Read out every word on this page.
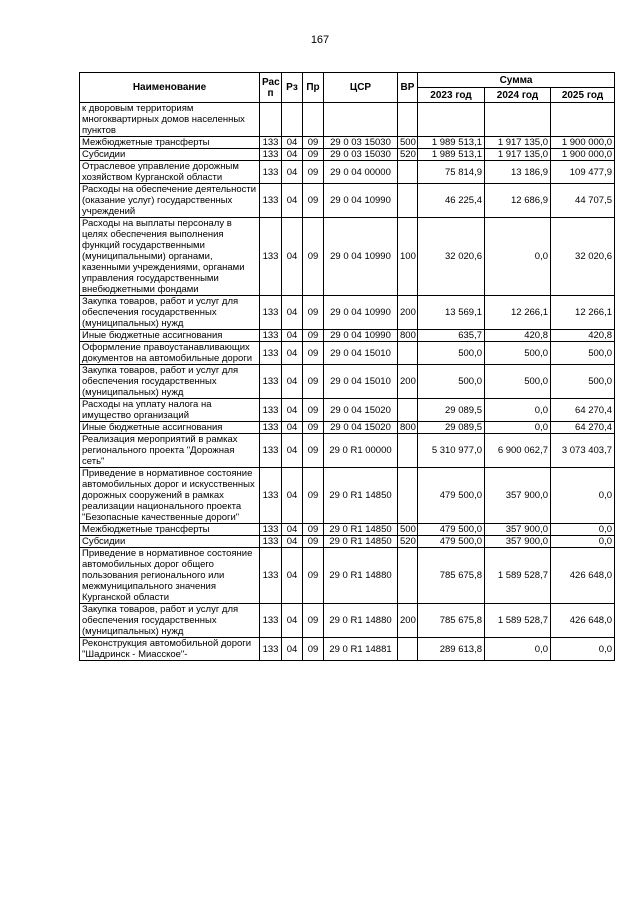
167
Наименование	Рас п	Рз	Пр	ЦСР	ВР	Сумма		
						2023 год	2024 год	2025 год
к дворовым территориям многоквартирных домов населенных пунктов								
Межбюджетные трансферты	133	04	09	29 0 03 15030	500	1 989 513,1	1 917 135,0	1 900 000,0
Субсидии	133	04	09	29 0 03 15030	520	1 989 513,1	1 917 135,0	1 900 000,0
Отраслевое управление дорожным хозяйством Курганской области	133	04	09	29 0 04 00000		75 814,9	13 186,9	109 477,9
Расходы на обеспечение деятельности (оказание услуг) государственных учреждений	133	04	09	29 0 04 10990		46 225,4	12 686,9	44 707,5
Расходы на выплаты персоналу в целях обеспечения выполнения функций государственными (муниципальными) органами, казенными учреждениями, органами управления государственными внебюджетными фондами	133	04	09	29 0 04 10990	100	32 020,6	0,0	32 020,6
Закупка товаров, работ и услуг для обеспечения государственных (муниципальных) нужд	133	04	09	29 0 04 10990	200	13 569,1	12 266,1	12 266,1
Иные бюджетные ассигнования	133	04	09	29 0 04 10990	800	635,7	420,8	420,8
Оформление правоустанавливающих документов на автомобильные дороги	133	04	09	29 0 04 15010		500,0	500,0	500,0
Закупка товаров, работ и услуг для обеспечения государственных (муниципальных) нужд	133	04	09	29 0 04 15010	200	500,0	500,0	500,0
Расходы на уплату налога на имущество организаций	133	04	09	29 0 04 15020		29 089,5	0,0	64 270,4
Иные бюджетные ассигнования	133	04	09	29 0 04 15020	800	29 089,5	0,0	64 270,4
Реализация мероприятий в рамках регионального проекта "Дорожная сеть"	133	04	09	29 0 R1 00000		5 310 977,0	6 900 062,7	3 073 403,7
Приведение в нормативное состояние автомобильных дорог и искусственных дорожных сооружений в рамках реализации национального проекта "Безопасные качественные дороги"	133	04	09	29 0 R1 14850		479 500,0	357 900,0	0,0
Межбюджетные трансферты	133	04	09	29 0 R1 14850	500	479 500,0	357 900,0	0,0
Субсидии	133	04	09	29 0 R1 14850	520	479 500,0	357 900,0	0,0
Приведение в нормативное состояние автомобильных дорог общего пользования регионального или межмуниципального значения Курганской области	133	04	09	29 0 R1 14880		785 675,8	1 589 528,7	426 648,0
Закупка товаров, работ и услуг для обеспечения государственных (муниципальных) нужд	133	04	09	29 0 R1 14880	200	785 675,8	1 589 528,7	426 648,0
Реконструкция автомобильной дороги "Шадринск - Миасское"-	133	04	09	29 0 R1 14881		289 613,8	0,0	0,0
